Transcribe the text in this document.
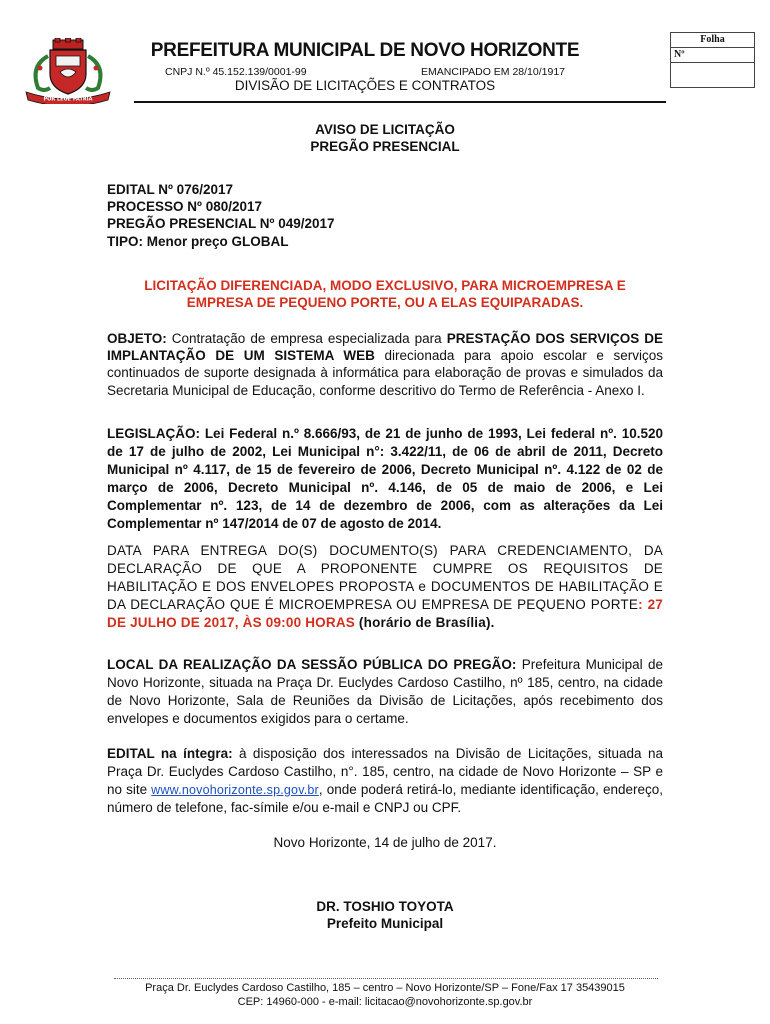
POR LEGE PATRIA
PREFEITURA MUNICIPAL DE NOVO HORIZONTE
CNPJ N.º 45.152.139/0001-99	EMANCIPADO EM 28/10/1917
DIVISÃO DE LICITAÇÕES E CONTRATOS
Folha
Nº
AVISO DE LICITAÇÃO
PREGÃO PRESENCIAL
EDITAL Nº 076/2017
PROCESSO Nº 080/2017
PREGÃO PRESENCIAL Nº 049/2017
TIPO: Menor preço GLOBAL
LICITAÇÃO DIFERENCIADA, MODO EXCLUSIVO, PARA MICROEMPRESA E
EMPRESA DE PEQUENO PORTE, OU A ELAS EQUIPARADAS.
OBJETO: Contratação de empresa especializada para PRESTAÇÃO DOS SERVIÇOS DE IMPLANTAÇÃO DE UM SISTEMA WEB direcionada para apoio escolar e serviços continuados de suporte designada à informática para elaboração de provas e simulados da Secretaria Municipal de Educação, conforme descritivo do Termo de Referência - Anexo I.
LEGISLAÇÃO: Lei Federal n.º 8.666/93, de 21 de junho de 1993, Lei federal nº. 10.520 de 17 de julho de 2002, Lei Municipal n°: 3.422/11, de 06 de abril de 2011, Decreto Municipal nº 4.117, de 15 de fevereiro de 2006, Decreto Municipal nº. 4.122 de 02 de março de 2006, Decreto Municipal nº. 4.146, de 05 de maio de 2006, e Lei Complementar nº. 123, de 14 de dezembro de 2006, com as alterações da Lei Complementar nº 147/2014 de 07 de agosto de 2014.
DATA PARA ENTREGA DO(S) DOCUMENTO(S) PARA CREDENCIAMENTO, DA DECLARAÇÃO DE QUE A PROPONENTE CUMPRE OS REQUISITOS DE HABILITAÇÃO E DOS ENVELOPES PROPOSTA e DOCUMENTOS DE HABILITAÇÃO E DA DECLARAÇÃO QUE É MICROEMPRESA OU EMPRESA DE PEQUENO PORTE: 27 DE JULHO DE 2017, ÀS 09:00 HORAS (horário de Brasília).
LOCAL DA REALIZAÇÃO DA SESSÃO PÚBLICA DO PREGÃO: Prefeitura Municipal de Novo Horizonte, situada na Praça Dr. Euclydes Cardoso Castilho, nº 185, centro, na cidade de Novo Horizonte, Sala de Reuniões da Divisão de Licitações, após recebimento dos envelopes e documentos exigidos para o certame.
EDITAL na íntegra: à disposição dos interessados na Divisão de Licitações, situada na Praça Dr. Euclydes Cardoso Castilho, n°. 185, centro, na cidade de Novo Horizonte – SP e no site www.novohorizonte.sp.gov.br, onde poderá retirá-lo, mediante identificação, endereço, número de telefone, fac-símile e/ou e-mail e CNPJ ou CPF.
Novo Horizonte, 14 de julho de 2017.
DR. TOSHIO TOYOTA
Prefeito Municipal
Praça Dr. Euclydes Cardoso Castilho, 185 – centro – Novo Horizonte/SP – Fone/Fax 17 35439015
CEP: 14960-000 - e-mail: licitacao@novohorizonte.sp.gov.br
